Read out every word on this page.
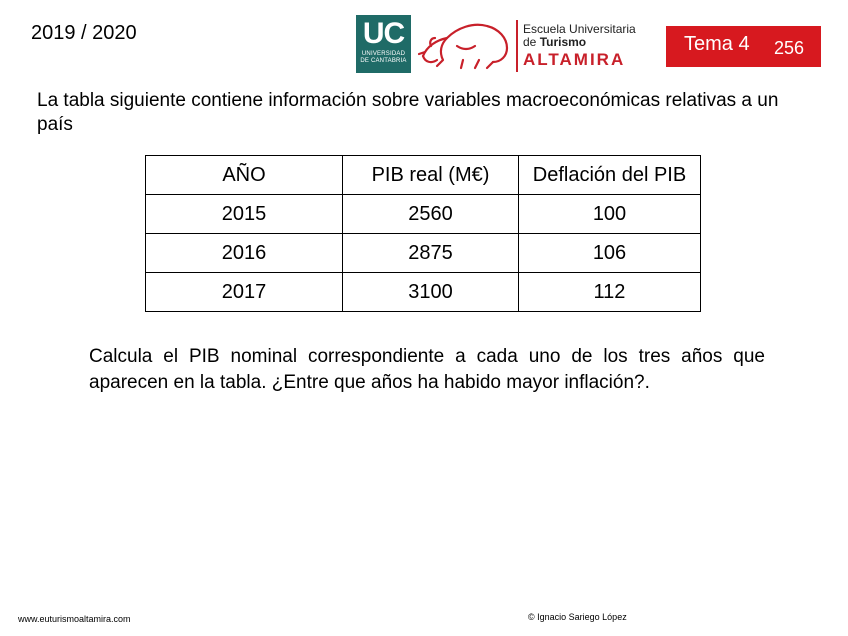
2019 / 2020	UC
UNIVERSIDAD
DE CANTABRIA
Escuela Universitaria
de Turismo
ALTAMIRA
Tema 4 256
La tabla siguiente contiene información sobre variables macroeconómicas relativas a un país
AÑO	PIB real (M€)	Deflación del PIB
2015	2560	100
2016	2875	106
2017	3100	112
Calcula el PIB nominal correspondiente a cada uno de los tres años que aparecen en la tabla. ¿Entre que años ha habido mayor inflación?.
www.euturismoaltamira.com	© Ignacio Sariego López
